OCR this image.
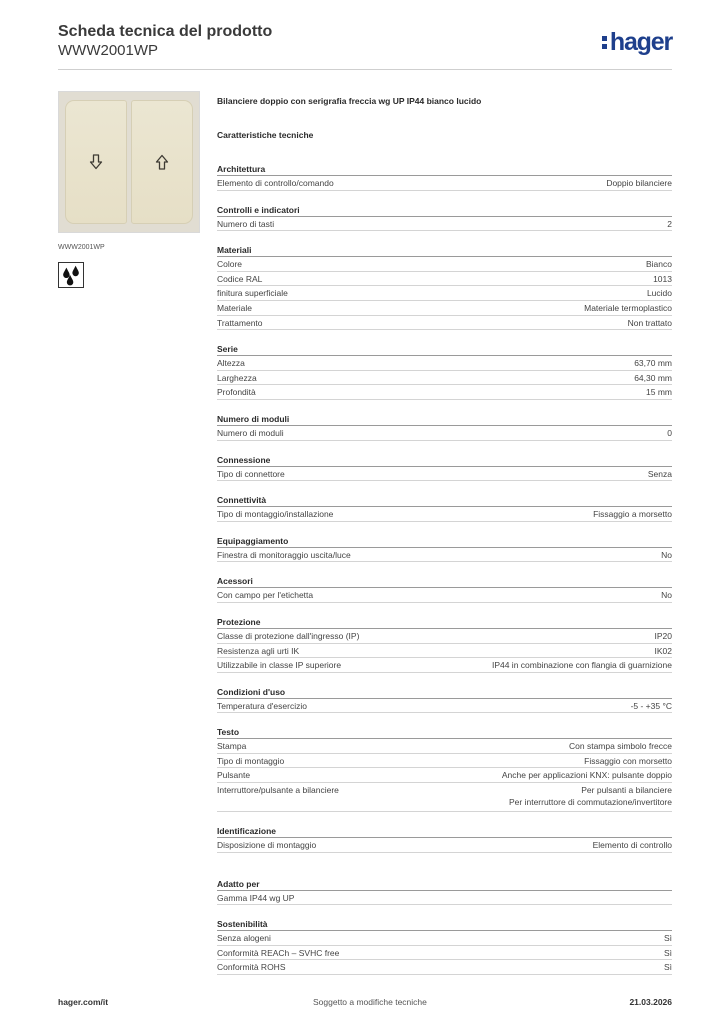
Scheda tecnica del prodotto
WWW2001WP	hager
WWW2001WP
Bilanciere doppio con serigrafia freccia wg UP IP44 bianco lucido
Caratteristiche tecniche
Architettura
Elemento di controllo/comando	Doppio bilanciere
Controlli e indicatori
Numero di tasti	2
Materiali
Colore	Bianco
Codice RAL	1013
finitura superficiale	Lucido
Materiale	Materiale termoplastico
Trattamento	Non trattato
Serie
Altezza	63,70 mm
Larghezza	64,30 mm
Profondità	15 mm
Numero di moduli
Numero di moduli	0
Connessione
Tipo di connettore	Senza
Connettività
Tipo di montaggio/installazione	Fissaggio a morsetto
Equipaggiamento
Finestra di monitoraggio uscita/luce	No
Acessori
Con campo per l'etichetta	No
Protezione
Classe di protezione dall'ingresso (IP)	IP20
Resistenza agli urti IK	IK02
Utilizzabile in classe IP superiore	IP44 in combinazione con flangia di guarnizione
Condizioni d'uso
Temperatura d'esercizio	-5 - +35 °C
Testo
Stampa	Con stampa simbolo frecce
Tipo di montaggio	Fissaggio con morsetto
Pulsante	Anche per applicazioni KNX: pulsante doppio
Interruttore/pulsante a bilanciere	Per pulsanti a bilanciere
Per interruttore di commutazione/invertitore
Identificazione
Disposizione di montaggio	Elemento di controllo
Adatto per
Gamma IP44 wg UP
Sostenibilità
Senza alogeni	Sì
Conformità REACh – SVHC free	Sì
Conformità ROHS	Sì
hager.com/it	Soggetto a modifiche tecniche	21.03.2026
